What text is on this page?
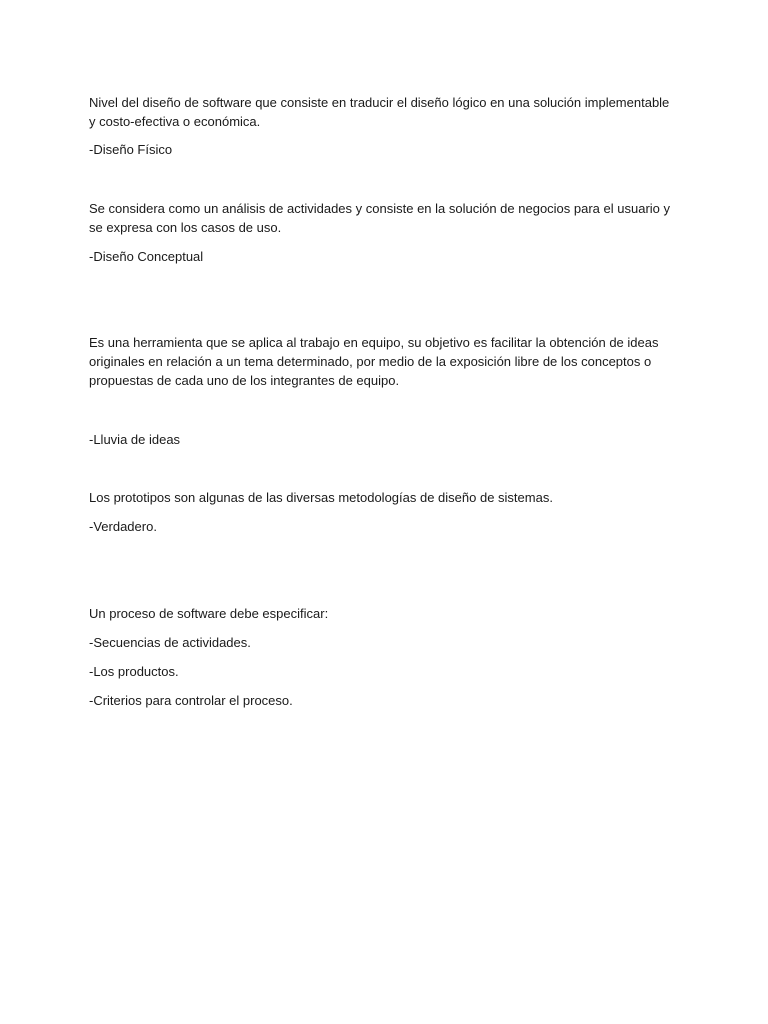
Nivel del diseño de software que consiste en traducir el diseño lógico en una solución implementable y costo-efectiva o económica.

-Diseño Físico

Se considera como un análisis de actividades y consiste en la solución de negocios para el usuario y se expresa con los casos de uso.

-Diseño Conceptual

Es una herramienta que se aplica al trabajo en equipo, su objetivo es facilitar la obtención de ideas originales en relación a un tema determinado, por medio de la exposición libre de los conceptos o propuestas de cada uno de los integrantes de equipo.

-Lluvia de ideas

Los prototipos son algunas de las diversas metodologías de diseño de sistemas.

-Verdadero.

Un proceso de software debe especificar:

-Secuencias de actividades.

-Los productos.

-Criterios para controlar el proceso.
